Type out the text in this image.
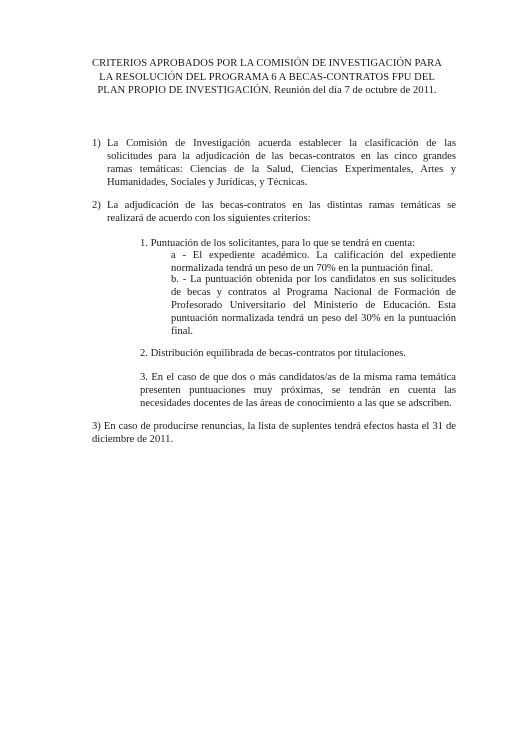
CRITERIOS APROBADOS POR LA COMISIÓN DE INVESTIGACIÓN PARA
LA RESOLUCIÓN DEL PROGRAMA 6 A BECAS-CONTRATOS FPU DEL
PLAN PROPIO DE INVESTIGACIÓN. Reunión del día 7 de octubre de 2011.
1) La Comisión de Investigación acuerda establecer la clasificación de las
solicitudes para la adjudicación de las becas-contratos en las cinco grandes
ramas temáticas: Ciencias de la Salud, Ciencias Experimentales, Artes y
Humanidades, Sociales y Jurídicas, y Técnicas.
2) La adjudicación de las becas-contratos en las distintas ramas temáticas se
realizará de acuerdo con los siguientes criterios:
1. Puntuación de los solicitantes, para lo que se tendrá en cuenta:
a - El expediente académico. La calificación del expediente
normalizada tendrá un peso de un 70% en la puntuación final.
b. - La puntuación obtenida por los candidatos en sus solicitudes
de becas y contratos al Programa Nacional de Formación de
Profesorado Universitario del Ministerio de Educación. Esta
puntuación normalizada tendrá un peso del 30% en la puntuación
final.
2. Distribución equilibrada de becas-contratos por titulaciones.
3. En el caso de que dos o más candidatos/as de la misma rama temática
presenten puntuaciones muy próximas, se tendrán en cuenta las
necesidades docentes de las áreas de conocimiento a las que se adscriben.
3) En caso de producirse renuncias, la lista de suplentes tendrá efectos hasta el 31 de
diciembre de 2011.
